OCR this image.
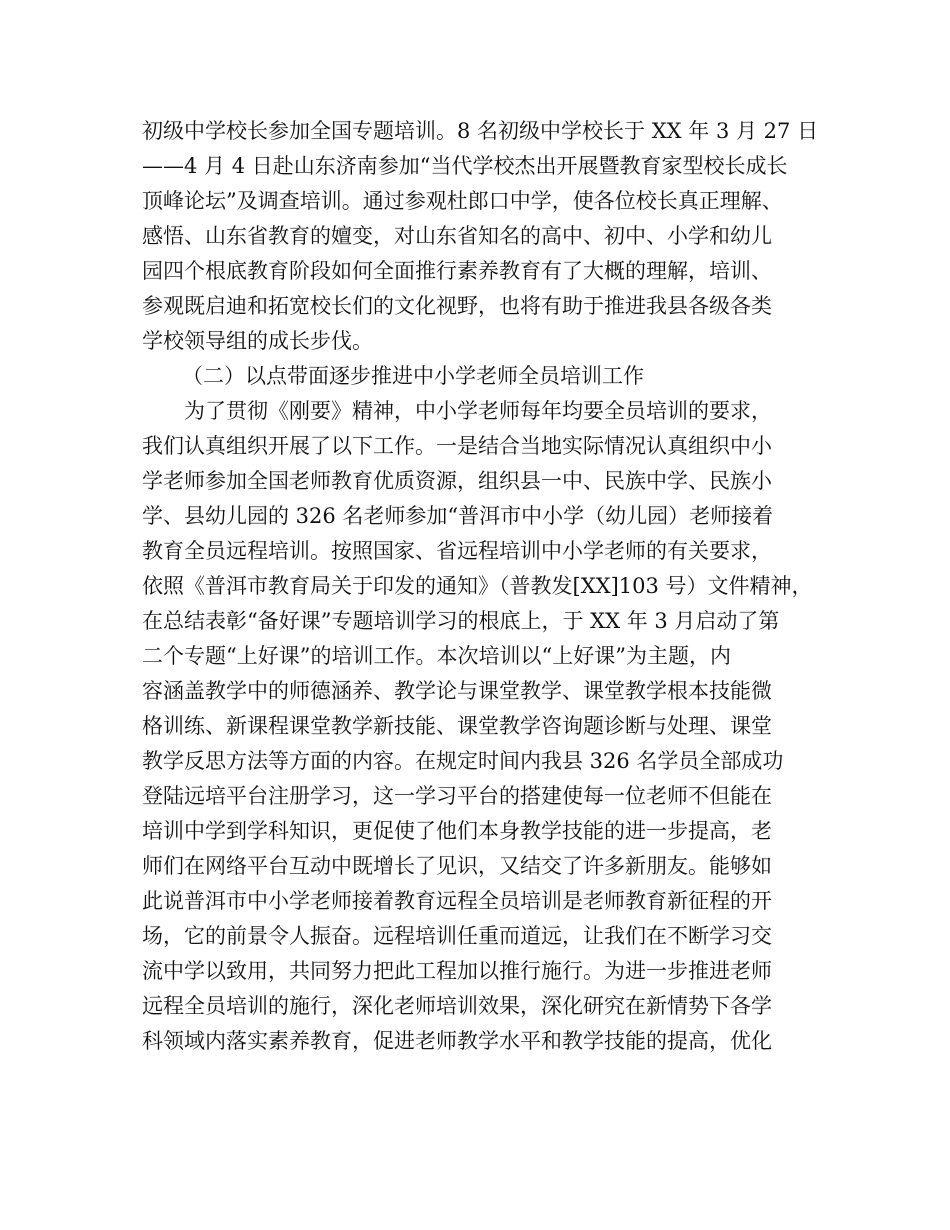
初级中学校长参加全国专题培训。8 名初级中学校长于 XX 年 3 月 27 日
——4 月 4 日赴山东济南参加“当代学校杰出开展暨教育家型校长成长
顶峰论坛”及调查培训。通过参观杜郎口中学，使各位校长真正理解、
感悟、山东省教育的嬗变，对山东省知名的高中、初中、小学和幼儿
园四个根底教育阶段如何全面推行素养教育有了大概的理解，培训、
参观既启迪和拓宽校长们的文化视野，也将有助于推进我县各级各类
学校领导组的成长步伐。
（二）以点带面逐步推进中小学老师全员培训工作
为了贯彻《刚要》精神，中小学老师每年均要全员培训的要求，
我们认真组织开展了以下工作。一是结合当地实际情况认真组织中小
学老师参加全国老师教育优质资源，组织县一中、民族中学、民族小
学、县幼儿园的 326 名老师参加“普洱市中小学（幼儿园）老师接着
教育全员远程培训。按照国家、省远程培训中小学老师的有关要求，
依照《普洱市教育局关于印发的通知》（普教发[XX]103 号）文件精神，
在总结表彰“备好课”专题培训学习的根底上，于 XX 年 3 月启动了第
二个专题“上好课”的培训工作。本次培训以“上好课”为主题，内
容涵盖教学中的师德涵养、教学论与课堂教学、课堂教学根本技能微
格训练、新课程课堂教学新技能、课堂教学咨询题诊断与处理、课堂
教学反思方法等方面的内容。在规定时间内我县 326 名学员全部成功
登陆远培平台注册学习，这一学习平台的搭建使每一位老师不但能在
培训中学到学科知识，更促使了他们本身教学技能的进一步提高，老
师们在网络平台互动中既增长了见识，又结交了许多新朋友。能够如
此说普洱市中小学老师接着教育远程全员培训是老师教育新征程的开
场，它的前景令人振奋。远程培训任重而道远，让我们在不断学习交
流中学以致用，共同努力把此工程加以推行施行。为进一步推进老师
远程全员培训的施行，深化老师培训效果，深化研究在新情势下各学
科领域内落实素养教育，促进老师教学水平和教学技能的提高，优化
